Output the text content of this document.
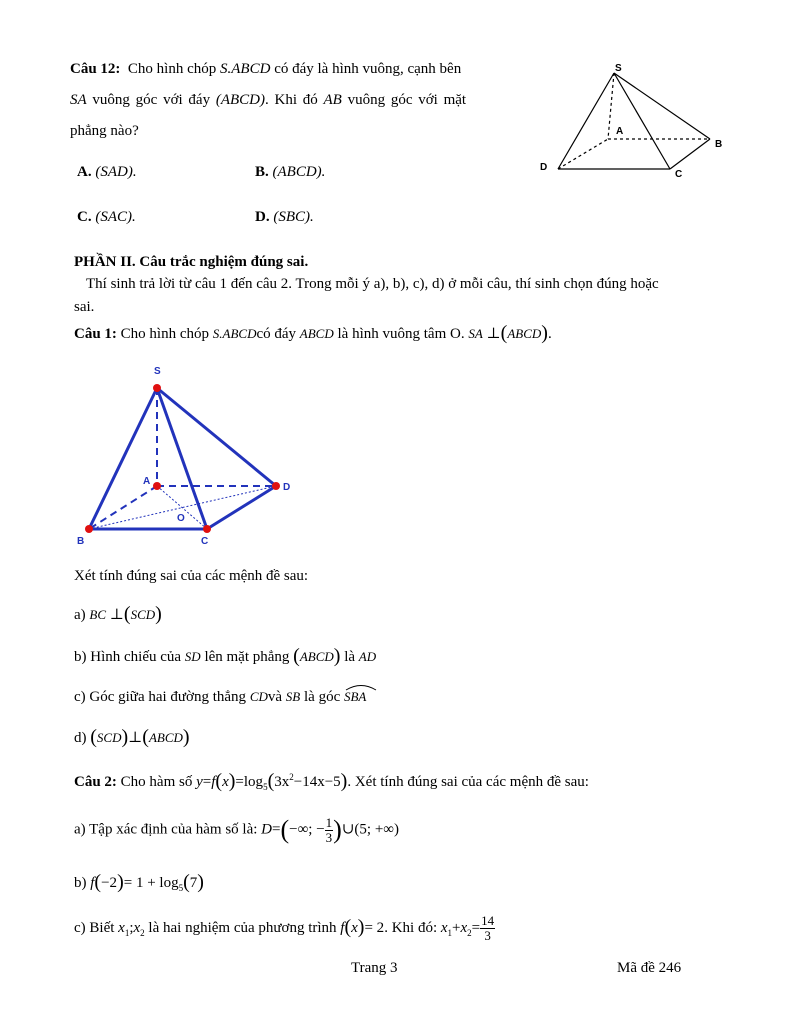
Câu 12: Cho hình chóp S.ABCD có đáy là hình vuông, cạnh bên
SA vuông góc với đáy (ABCD). Khi đó AB vuông góc với mặt
phẳng nào?
A. (SAD).	B. (ABCD).
C. (SAC).	D. (SBC).
S
A
B
C
D
PHẦN II. Câu trắc nghiệm đúng sai.
Thí sinh trả lời từ câu 1 đến câu 2. Trong mỗi ý a), b), c), d) ở mỗi câu, thí sinh chọn đúng hoặc
sai.
Câu 1: Cho hình chóp S.ABCDcó đáy ABCD là hình vuông tâm O. SA ⊥(ABCD).
S
A
D
O
B	C
Xét tính đúng sai của các mệnh đề sau:
a) BC ⊥(SCD)
b) Hình chiếu của SD lên mặt phẳng (ABCD) là AD
c) Góc giữa hai đường thẳng CDvà SB là góc SBA
d) (SCD)⊥(ABCD)
Câu 2: Cho hàm số $y=f(x)=\log_5(3x^2-14x-5)$. Xét tính đúng sai của các mệnh đề sau:
a) Tập xác định của hàm số là: D=(−∞; − $\frac{1}{3}$ )∪(5; +∞)
b) $f(-2)= 1 + \log_5(7)$
c) Biết $x_1;x_2$ là hai nghiệm của phương trình f(x)= 2. Khi đó: $x_1+x_2= \frac{14}{3}$
Trang 3	Mã đề 246
